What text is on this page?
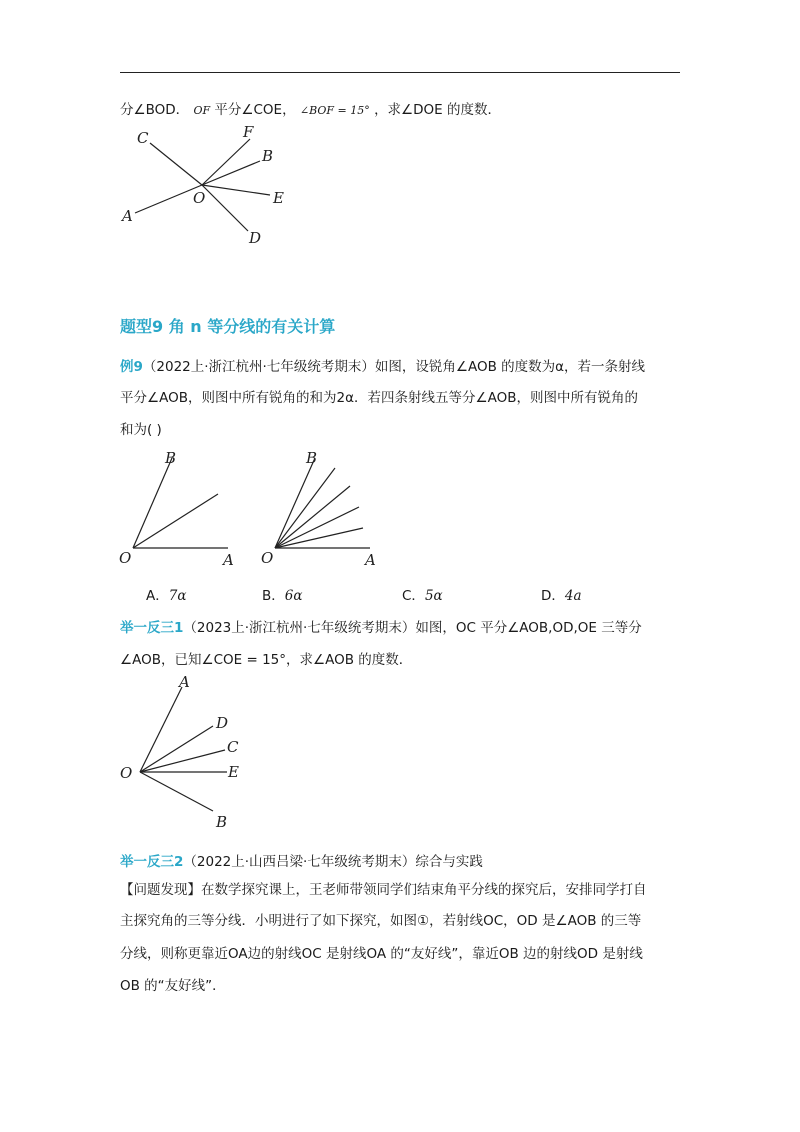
分∠BOD． OF 平分∠COE， ∠BOF = 15° ，求∠DOE 的度数．
C	F
B
O	E
A
D
题型9 角 n 等分线的有关计算
例9（2022上·浙江杭州·七年级统考期末）如图，设锐角∠AOB 的度数为α，若一条射线
平分∠AOB，则图中所有锐角的和为2α．若四条射线五等分∠AOB，则图中所有锐角的
和为( )
B
O	A
B
O	A
A．7α	B．6α	C．5α	D．4a
举一反三1（2023上·浙江杭州·七年级统考期末）如图，OC 平分∠AOB,OD,OE 三等分
∠AOB，已知∠COE = 15°，求∠AOB 的度数．
A
D
C
O	E
B
举一反三2（2022上·山西吕梁·七年级统考期末）综合与实践
【问题发现】在数学探究课上，王老师带领同学们结束角平分线的探究后，安排同学打自
主探究角的三等分线．小明进行了如下探究，如图①，若射线OC，OD 是∠AOB 的三等
分线，则称更靠近OA边的射线OC 是射线OA 的“友好线”，靠近OB 边的射线OD 是射线
OB 的“友好线”．
